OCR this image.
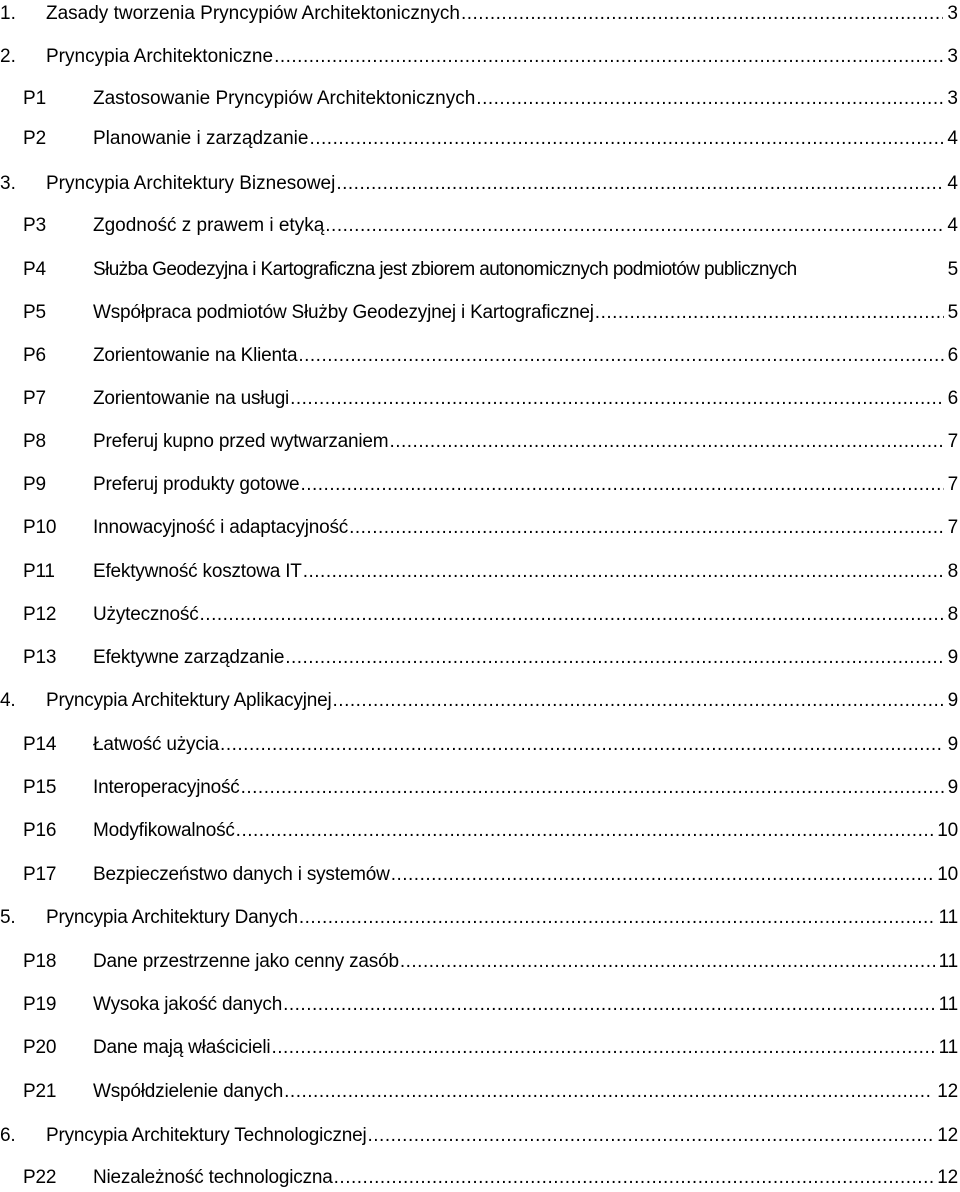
1. Zasady tworzenia Pryncypiów Architektonicznych .....	3
2. Pryncypia Architektoniczne .....	3
P1 Zastosowanie Pryncypiów Architektonicznych .....	3
P2 Planowanie i zarządzanie .....	4
3. Pryncypia Architektury Biznesowej .....	4
P3 Zgodność z prawem i etyką .....	4
P4 Służba Geodezyjna i Kartograficzna jest zbiorem autonomicznych podmiotów publicznych	5
P5 Współpraca podmiotów Służby Geodezyjnej i Kartograficznej .....	5
P6 Zorientowanie na Klienta .....	6
P7 Zorientowanie na usługi .....	6
P8 Preferuj kupno przed wytwarzaniem .....	7
P9 Preferuj produkty gotowe .....	7
P10 Innowacyjność i adaptacyjność .....	7
P11 Efektywność kosztowa IT .....	8
P12 Użyteczność .....	8
P13 Efektywne zarządzanie .....	9
4. Pryncypia Architektury Aplikacyjnej .....	9
P14 Łatwość użycia .....	9
P15 Interoperacyjność .....	9
P16 Modyfikowalność .....	10
P17 Bezpieczeństwo danych i systemów .....	10
5. Pryncypia Architektury Danych .....	11
P18 Dane przestrzenne jako cenny zasób .....	11
P19 Wysoka jakość danych .....	11
P20 Dane mają właścicieli .....	11
P21 Współdzielenie danych .....	12
6. Pryncypia Architektury Technologicznej .....	12
P22 Niezależność technologiczna .....	12
